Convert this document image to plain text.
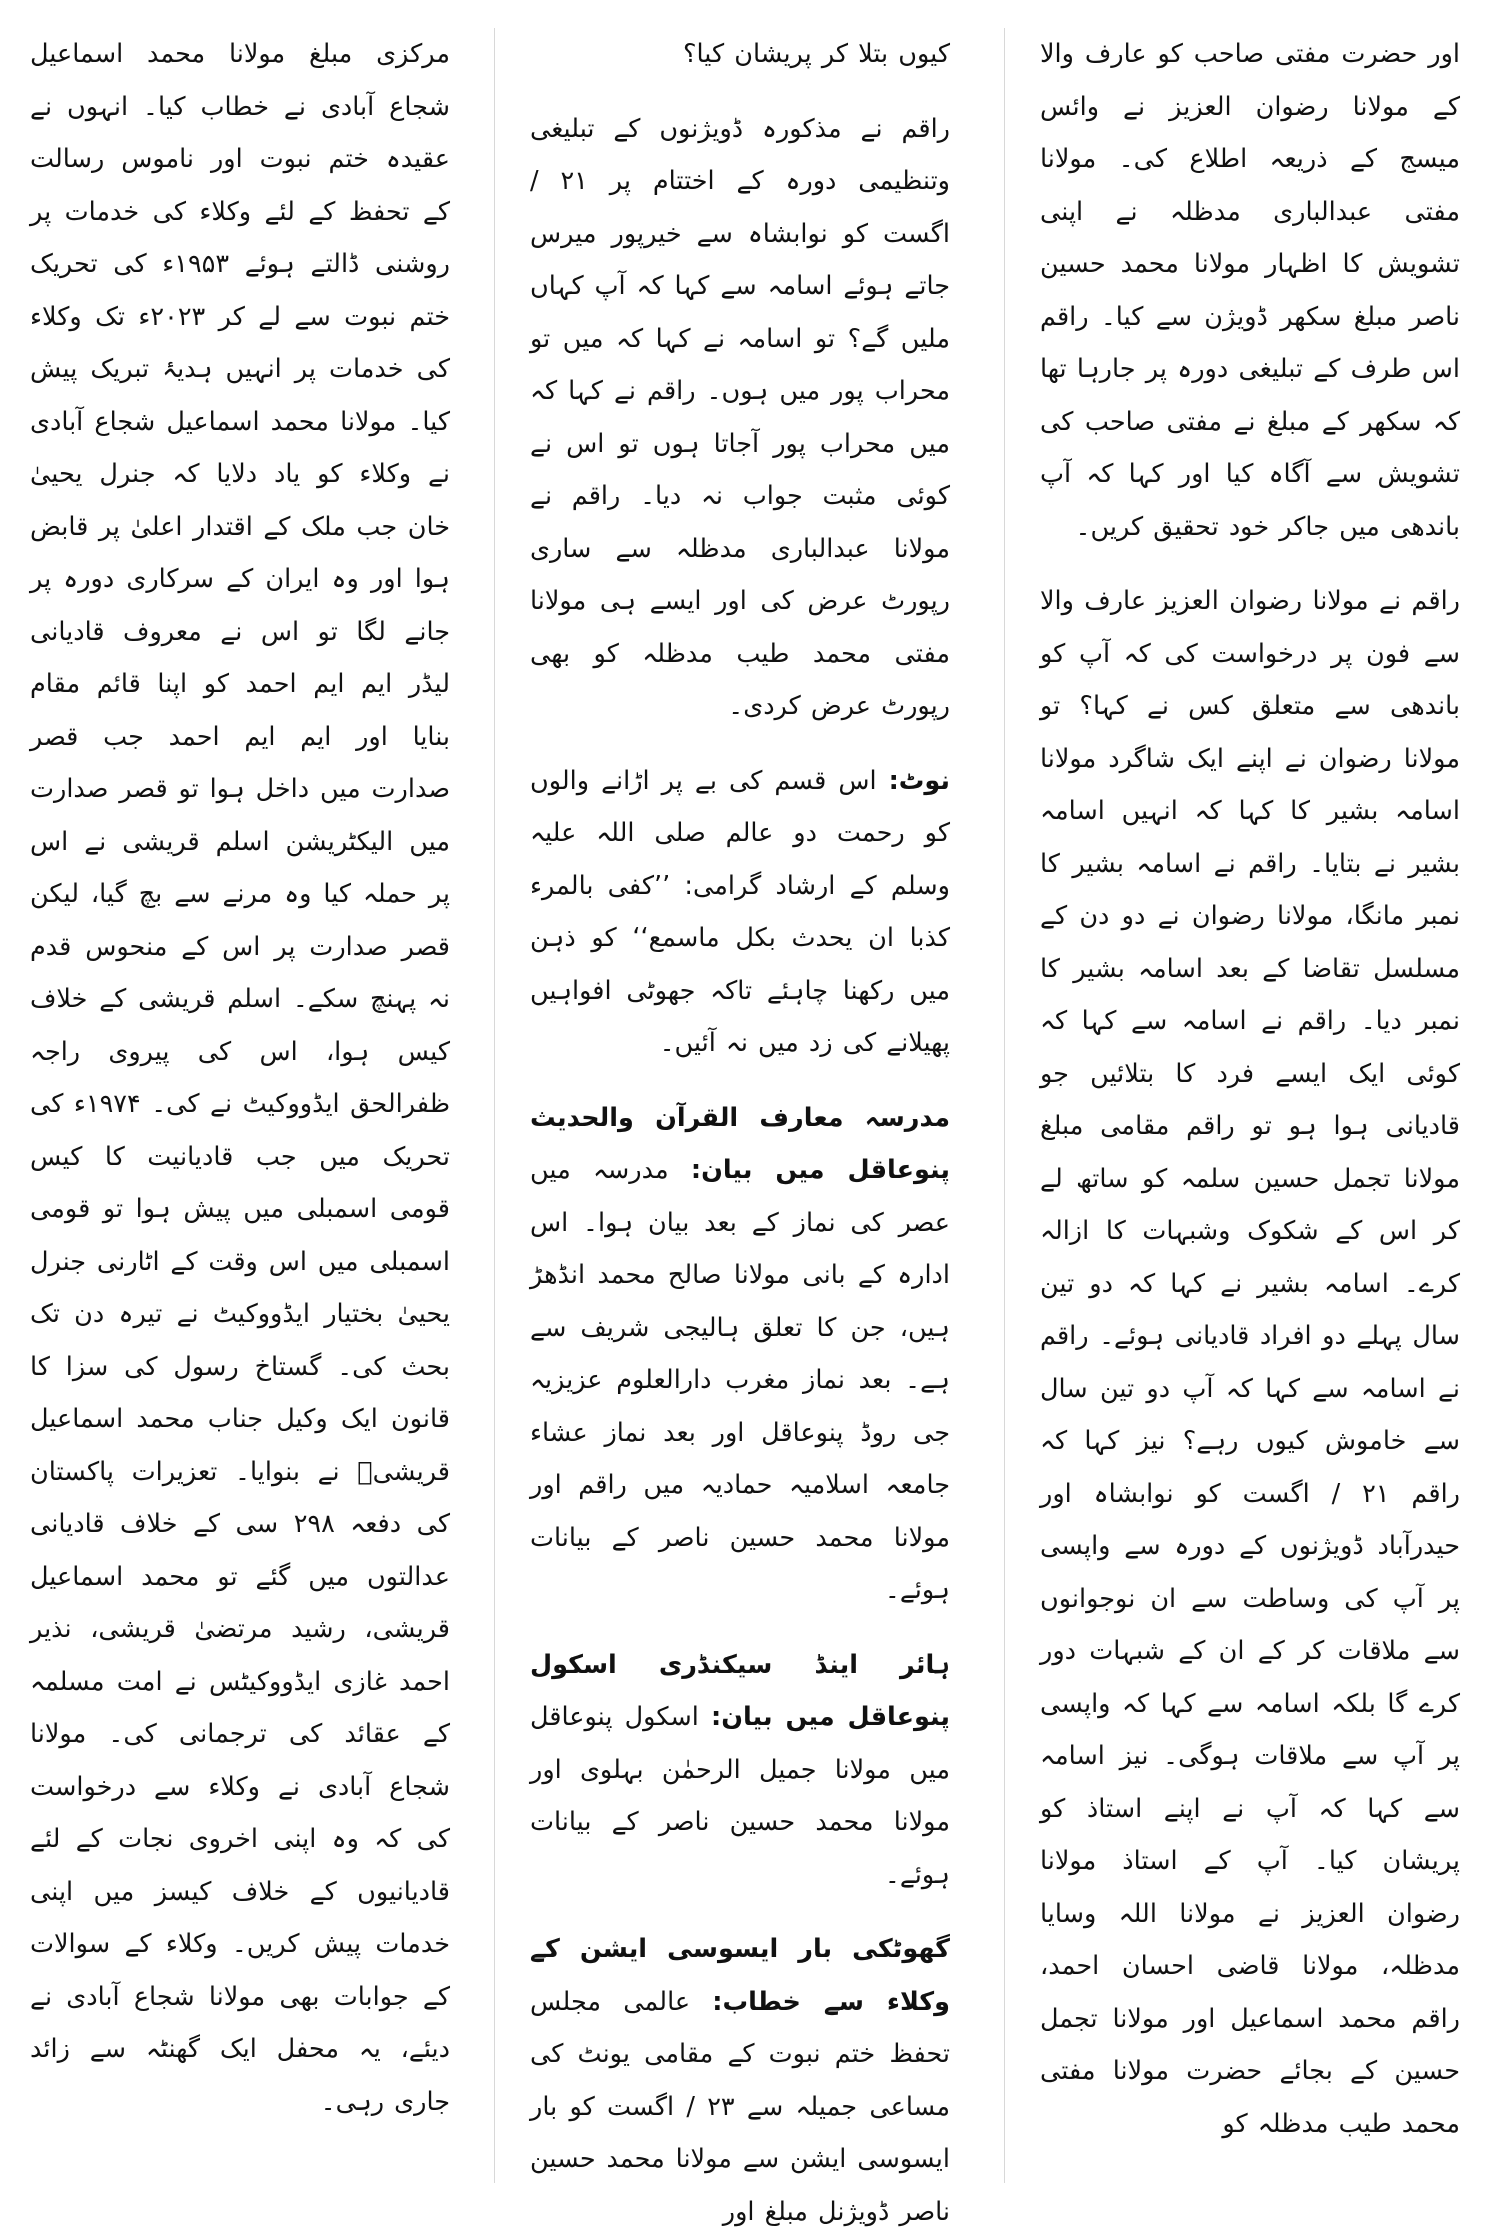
اور حضرت مفتی صاحب کو عارف والا کے مولانا رضوان العزیز نے وائس میسج کے ذریعہ اطلاع کی۔ مولانا مفتی عبدالباری مدظلہ نے اپنی تشویش کا اظہار مولانا محمد حسین ناصر مبلغ سکھر ڈویژن سے کیا۔ راقم اس طرف کے تبلیغی دورہ پر جارہا تھا کہ سکھر کے مبلغ نے مفتی صاحب کی تشویش سے آگاہ کیا اور کہا کہ آپ باندھی میں جاکر خود تحقیق کریں۔

راقم نے مولانا رضوان العزیز عارف والا سے فون پر درخواست کی کہ آپ کو باندھی سے متعلق کس نے کہا؟ تو مولانا رضوان نے اپنے ایک شاگرد مولانا اسامہ بشیر کا کہا کہ انہیں اسامہ بشیر نے بتایا۔ راقم نے اسامہ بشیر کا نمبر مانگا، مولانا رضوان نے دو دن کے مسلسل تقاضا کے بعد اسامہ بشیر کا نمبر دیا۔ راقم نے اسامہ سے کہا کہ کوئی ایک ایسے فرد کا بتلائیں جو قادیانی ہوا ہو تو راقم مقامی مبلغ مولانا تجمل حسین سلمہ کو ساتھ لے کر اس کے شکوک وشبہات کا ازالہ کرے۔ اسامہ بشیر نے کہا کہ دو تین سال پہلے دو افراد قادیانی ہوئے۔ راقم نے اسامہ سے کہا کہ آپ دو تین سال سے خاموش کیوں رہے؟ نیز کہا کہ راقم ۲۱ / اگست کو نوابشاہ اور حیدرآباد ڈویژنوں کے دورہ سے واپسی پر آپ کی وساطت سے ان نوجوانوں سے ملاقات کر کے ان کے شبہات دور کرے گا بلکہ اسامہ سے کہا کہ واپسی پر آپ سے ملاقات ہوگی۔ نیز اسامہ سے کہا کہ آپ نے اپنے استاذ کو پریشان کیا۔ آپ کے استاذ مولانا رضوان العزیز نے مولانا اللہ وسایا مدظلہ، مولانا قاضی احسان احمد، راقم محمد اسماعیل اور مولانا تجمل حسین کے بجائے حضرت مولانا مفتی محمد طیب مدظلہ کو

کیوں بتلا کر پریشان کیا؟

راقم نے مذکورہ ڈویژنوں کے تبلیغی وتنظیمی دورہ کے اختتام پر ۲۱ / اگست کو نوابشاہ سے خیرپور میرس جاتے ہوئے اسامہ سے کہا کہ آپ کہاں ملیں گے؟ تو اسامہ نے کہا کہ میں تو محراب پور میں ہوں۔ راقم نے کہا کہ میں محراب پور آجاتا ہوں تو اس نے کوئی مثبت جواب نہ دیا۔ راقم نے مولانا عبدالباری مدظلہ سے ساری رپورٹ عرض کی اور ایسے ہی مولانا مفتی محمد طیب مدظلہ کو بھی رپورٹ عرض کردی۔

نوٹ: اس قسم کی بے پر اڑانے والوں کو رحمت دو عالم صلی اللہ علیہ وسلم کے ارشاد گرامی: ’’كفى بالمرء كذبا ان يحدث بكل ماسمع‘‘ کو ذہن میں رکھنا چاہئے تاکہ جھوٹی افواہیں پھیلانے کی زد میں نہ آئیں۔

مدرسہ معارف القرآن والحدیث پنوعاقل میں بیان: مدرسہ میں عصر کی نماز کے بعد بیان ہوا۔ اس ادارہ کے بانی مولانا صالح محمد انڈھڑ ہیں، جن کا تعلق ہالیجی شریف سے ہے۔ بعد نماز مغرب دارالعلوم عزیزیہ جی روڈ پنوعاقل اور بعد نماز عشاء جامعہ اسلامیہ حمادیہ میں راقم اور مولانا محمد حسین ناصر کے بیانات ہوئے۔

ہائر اینڈ سیکنڈری اسکول پنوعاقل میں بیان: اسکول پنوعاقل میں مولانا جمیل الرحمٰن بہلوی اور مولانا محمد حسین ناصر کے بیانات ہوئے۔

گھوٹکی بار ایسوسی ایشن کے وکلاء سے خطاب: عالمی مجلس تحفظ ختم نبوت کے مقامی یونٹ کی مساعی جمیلہ سے ۲۳ / اگست کو بار ایسوسی ایشن سے مولانا محمد حسین ناصر ڈویژنل مبلغ اور

مرکزی مبلغ مولانا محمد اسماعیل شجاع آبادی نے خطاب کیا۔ انہوں نے عقیدہ ختم نبوت اور ناموس رسالت کے تحفظ کے لئے وکلاء کی خدمات پر روشنی ڈالتے ہوئے ۱۹۵۳ء کی تحریک ختم نبوت سے لے کر ۲۰۲۳ء تک وکلاء کی خدمات پر انہیں ہدیۂ تبریک پیش کیا۔ مولانا محمد اسماعیل شجاع آبادی نے وکلاء کو یاد دلایا کہ جنرل یحییٰ خان جب ملک کے اقتدار اعلیٰ پر قابض ہوا اور وہ ایران کے سرکاری دورہ پر جانے لگا تو اس نے معروف قادیانی لیڈر ایم ایم احمد کو اپنا قائم مقام بنایا اور ایم ایم احمد جب قصر صدارت میں داخل ہوا تو قصر صدارت میں الیکٹریشن اسلم قریشی نے اس پر حملہ کیا وہ مرنے سے بچ گیا، لیکن قصر صدارت پر اس کے منحوس قدم نہ پہنچ سکے۔ اسلم قریشی کے خلاف کیس ہوا، اس کی پیروی راجہ ظفرالحق ایڈووکیٹ نے کی۔ ۱۹۷۴ء کی تحریک میں جب قادیانیت کا کیس قومی اسمبلی میں پیش ہوا تو قومی اسمبلی میں اس وقت کے اٹارنی جنرل یحییٰ بختیار ایڈووکیٹ نے تیرہ دن تک بحث کی۔ گستاخ رسول کی سزا کا قانون ایک وکیل جناب محمد اسماعیل قریشیؒ نے بنوایا۔ تعزیرات پاکستان کی دفعہ ۲۹۸ سی کے خلاف قادیانی عدالتوں میں گئے تو محمد اسماعیل قریشی، رشید مرتضیٰ قریشی، نذیر احمد غازی ایڈووکیٹس نے امت مسلمہ کے عقائد کی ترجمانی کی۔ مولانا شجاع آبادی نے وکلاء سے درخواست کی کہ وہ اپنی اخروی نجات کے لئے قادیانیوں کے خلاف کیسز میں اپنی خدمات پیش کریں۔ وکلاء کے سوالات کے جوابات بھی مولانا شجاع آبادی نے دیئے، یہ محفل ایک گھنٹہ سے زائد جاری رہی۔
